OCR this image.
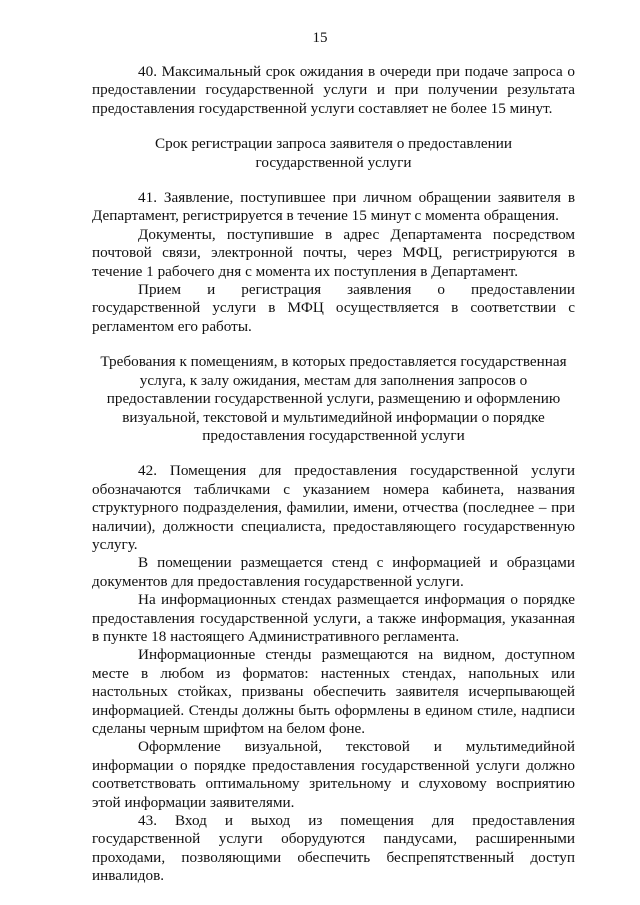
15

40. Максимальный срок ожидания в очереди при подаче запроса о предоставлении государственной услуги и при получении результата предоставления государственной услуги составляет не более 15 минут.

Срок регистрации запроса заявителя о предоставлении
государственной услуги

41. Заявление, поступившее при личном обращении заявителя в Департамент, регистрируется в течение 15 минут с момента обращения.

Документы, поступившие в адрес Департамента посредством почтовой связи, электронной почты, через МФЦ, регистрируются в течение 1 рабочего дня с момента их поступления в Департамент.

Прием и регистрация заявления о предоставлении государственной услуги в МФЦ осуществляется в соответствии с регламентом его работы.

Требования к помещениям, в которых предоставляется государственная
услуга, к залу ожидания, местам для заполнения запросов о
предоставлении государственной услуги, размещению и оформлению
визуальной, текстовой и мультимедийной информации о порядке
предоставления государственной услуги

42. Помещения для предоставления государственной услуги обозначаются табличками с указанием номера кабинета, названия структурного подразделения, фамилии, имени, отчества (последнее – при наличии), должности специалиста, предоставляющего государственную услугу.

В помещении размещается стенд с информацией и образцами документов для предоставления государственной услуги.

На информационных стендах размещается информация о порядке предоставления государственной услуги, а также информация, указанная в пункте 18 настоящего Административного регламента.

Информационные стенды размещаются на видном, доступном месте в любом из форматов: настенных стендах, напольных или настольных стойках, призваны обеспечить заявителя исчерпывающей информацией. Стенды должны быть оформлены в едином стиле, надписи сделаны черным шрифтом на белом фоне.

Оформление визуальной, текстовой и мультимедийной информации о порядке предоставления государственной услуги должно соответствовать оптимальному зрительному и слуховому восприятию этой информации заявителями.

43. Вход и выход из помещения для предоставления государственной услуги оборудуются пандусами, расширенными проходами, позволяющими обеспечить беспрепятственный доступ инвалидов.
